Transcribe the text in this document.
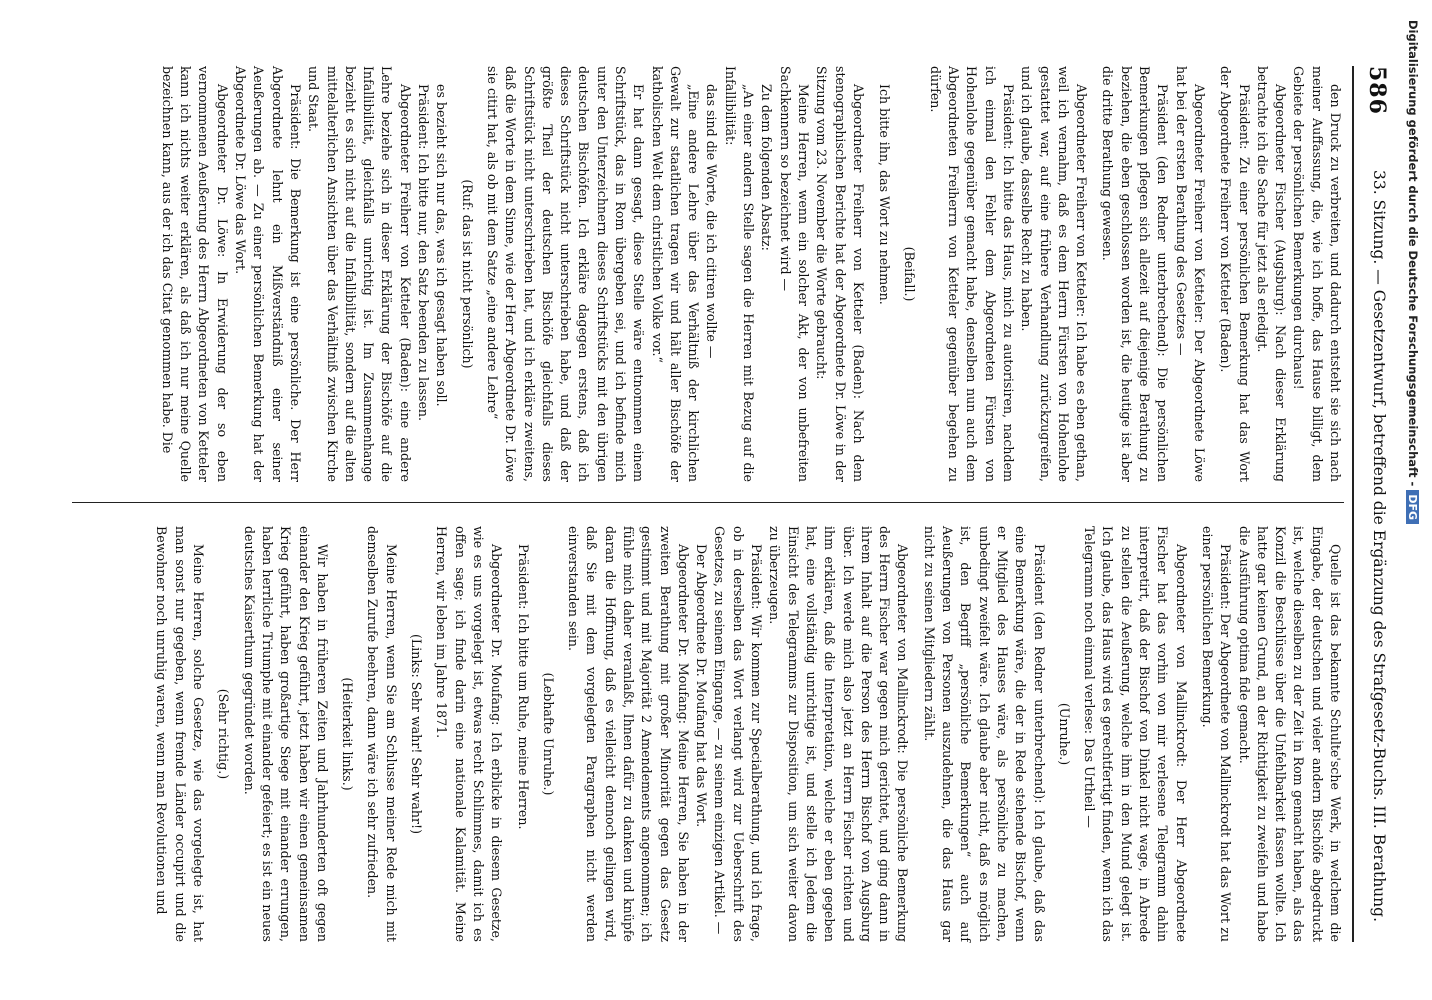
586
33. Sitzung. — Gesetzentwurf, betreffend die Ergänzung des Strafgesetz-Buchs. III. Berathung.

den Druck zu verbreiten, und dadurch entsteht sie sich nach meiner Auffassung, die, wie ich hoffe, das Hause billigt, dem Gebiete der persönlichen Bemerkungen durchaus!

Abgeordneter Fischer (Augsburg): Nach dieser Erklärung betrachte ich die Sache für jetzt als erledigt.

Präsident: Zu einer persönlichen Bemerkung hat das Wort der Abgeordnete Freiherr von Ketteler (Baden).

Abgeordneter Freiherr von Ketteler: Der Abgeordnete Löwe hat bei der ersten Berathung des Gesetzes —

Präsident (den Redner unterbrechend): Die persönlichen Bemerkungen pflegen sich allezeit auf diejenige Berathung zu beziehen, die eben geschlossen worden ist, die heutige ist aber die dritte Berathung gewesen.

Abgeordneter Freiherr von Ketteler: Ich habe es eben gethan, weil ich vernahm, daß es dem Herrn Fürsten von Hohenlohe gestattet war, auf eine frühere Verhandlung zurückzugreifen, und ich glaube, dasselbe Recht zu haben.

Präsident: Ich bitte das Haus, mich zu autorisiren, nachdem ich einmal den Fehler dem Abgeordneten Fürsten von Hohenlohe gegenüber gemacht habe, denselben nun auch dem Abgeordneten Freiherrn von Ketteler gegenüber begehen zu dürfen.

(Beifall.)

Ich bitte ihn, das Wort zu nehmen.

Abgeordneter Freiherr von Ketteler (Baden): Nach dem stenographischen Berichte hat der Abgeordnete Dr. Löwe in der Sitzung vom 23. November die Worte gebraucht:

Meine Herren, wenn ein solcher Akt, der von unbefreiten Sachkennern so bezeichnet wird —

Zu dem folgenden Absatz:

„An einer andern Stelle sagen die Herren mit Bezug auf die Infallibilität:

das sind die Worte, die ich citiren wollte —

„Eine andere Lehre über das Verhältniß der kirchlichen Gewalt zur staatlichen tragen wir und hält aller Bischöfe der katholischen Welt dem christlichen Volke vor.“

Er hat dann gesagt, diese Stelle wäre entnommen einem Schriftstück, das in Rom übergeben sei, und ich befinde mich unter den Unterzeichnern dieses Schriftstücks mit den übrigen deutschen Bischöfen. Ich erkläre dagegen erstens, daß ich dieses Schriftstück nicht unterschrieben habe, und daß der größte Theil der deutschen Bischöfe gleichfalls dieses Schriftstück nicht unterschrieben hat, und ich erkläre zweitens, daß die Worte in dem Sinne, wie der Herr Abgeordnete Dr. Löwe sie citirt hat, als ob mit dem Satze „eine andere Lehre“

(Ruf: das ist nicht persönlich)

es bezieht sich nur das, was ich gesagt haben soll.

Präsident: Ich bitte nur, den Satz beenden zu lassen.

Abgeordneter Freiherr von Ketteler (Baden): eine andere Lehre beziehe sich in dieser Erklärung der Bischöfe auf die Infallibilität, gleichfalls unrichtig ist. Im Zusammenhange bezieht es sich nicht auf die Infallibilität, sondern auf die alten mittelalterlichen Ansichten über das Verhältniß zwischen Kirche und Staat.

Präsident: Die Bemerkung ist eine persönliche. Der Herr Abgeordnete lehnt ein Mißverständniß einer seiner Aeußerungen ab. — Zu einer persönlichen Bemerkung hat der Abgeordnete Dr. Löwe das Wort.

Abgeordneter Dr. Löwe: In Erwiderung der so eben vernommenen Aeußerung des Herrn Abgeordneten von Ketteler kann ich nichts weiter erklären, als daß ich nur meine Quelle bezeichnen kann, aus der ich das Citat genommen habe. Die

Quelle ist das bekannte Schulte'sche Werk, in welchem die Eingabe, der deutschen und vieler andern Bischöfe abgedruckt ist, welche dieselben zu der Zeit in Rom gemacht haben, als das Konzil die Beschlüsse über die Unfehlbarkeit fassen wollte. Ich hatte gar keinen Grund, an der Richtigkeit zu zweifeln und habe die Ausführung optima fide gemacht.

Präsident: Der Abgeordnete von Mallinckrodt hat das Wort zu einer persönlichen Bemerkung.

Abgeordneter von Mallinckrodt: Der Herr Abgeordnete Fischer hat das vorhin von mir verlesene Telegramm dahin interpretirt, daß der Bischof von Dinkel nicht wage, in Abrede zu stellen die Aeußerung, welche ihm in den Mund gelegt ist. Ich glaube, das Haus wird es gerechtfertigt finden, wenn ich das Telegramm noch einmal verlese: Das Urtheil —

(Unruhe.)

Präsident (den Redner unterbrechend): Ich glaube, daß das eine Bemerkung wäre, die der in Rede stehende Bischof, wenn er Mitglied des Hauses wäre, als persönliche zu machen, unbedingt zweifelt wäre. Ich glaube aber nicht, daß es möglich ist, den Begriff „persönliche Bemerkungen“ auch auf Aeußerungen von Personen auszudehnen, die das Haus gar nicht zu seinen Mitgliedern zählt.

Abgeordneter von Mallinckrodt: Die persönliche Bemerkung des Herrn Fischer war gegen mich gerichtet, und ging dann in ihrem Inhalt auf die Person des Herrn Bischof von Augsburg über. Ich werde mich also jetzt an Herrn Fischer richten und ihm erklären, daß die Interpretation, welche er eben gegeben hat, eine vollständig unrichtige ist, und stelle ich Jedem die Einsicht des Telegramms zur Disposition, um sich weiter davon zu überzeugen.

Präsident: Wir kommen zur Specialberathung, und ich frage, ob in derselben das Wort verlangt wird zur Ueberschrift des Gesetzes, zu seinem Eingange, — zu seinem einzigen Artikel. —

Der Abgeordnete Dr. Moufang hat das Wort.

Abgeordneter Dr. Moufang: Meine Herren, Sie haben in der zweiten Berathung mit großer Minorität gegen das Gesetz gestimmt und mit Majorität 2 Amendements angenommen; ich fühle mich daher veranlaßt, Ihnen dafür zu danken und knüpfe daran die Hoffnung, daß es vielleicht dennoch gelingen wird, daß Sie mit dem vorgelegten Paragraphen nicht werden einverstanden sein.

(Lebhafte Unruhe.)

Präsident: Ich bitte um Ruhe, meine Herren.

Abgeordneter Dr. Moufang: Ich erblicke in diesem Gesetze, wie es uns vorgelegt ist, etwas recht Schlimmes, damit ich es offen sage; ich finde darin eine nationale Kalamität. Meine Herren, wir leben im Jahre 1871.

(Links: Sehr wahr! Sehr wahr!)

Meine Herren, wenn Sie am Schlusse meiner Rede mich mit demselben Zurufe beehren, dann wäre ich sehr zufrieden.

(Heiterkeit links.)

Wir haben in früheren Zeiten und Jahrhunderten oft gegen einander den Krieg geführt, jetzt haben wir einen gemeinsamen Krieg geführt, haben großartige Siege mit einander errungen, haben herrliche Triumphe mit einander gefeiert; es ist ein neues deutsches Kaiserthum gegründet worden.

(Sehr richtig.)

Meine Herren, solche Gesetze, wie das vorgelegte ist, hat man sonst nur gegeben, wenn fremde Länder occupirt und die Bewohner noch unruhig waren, wenn man Revolutionen und

Digitalisierung gefördert durch die Deutsche Forschungsgemeinschaft -DFG
